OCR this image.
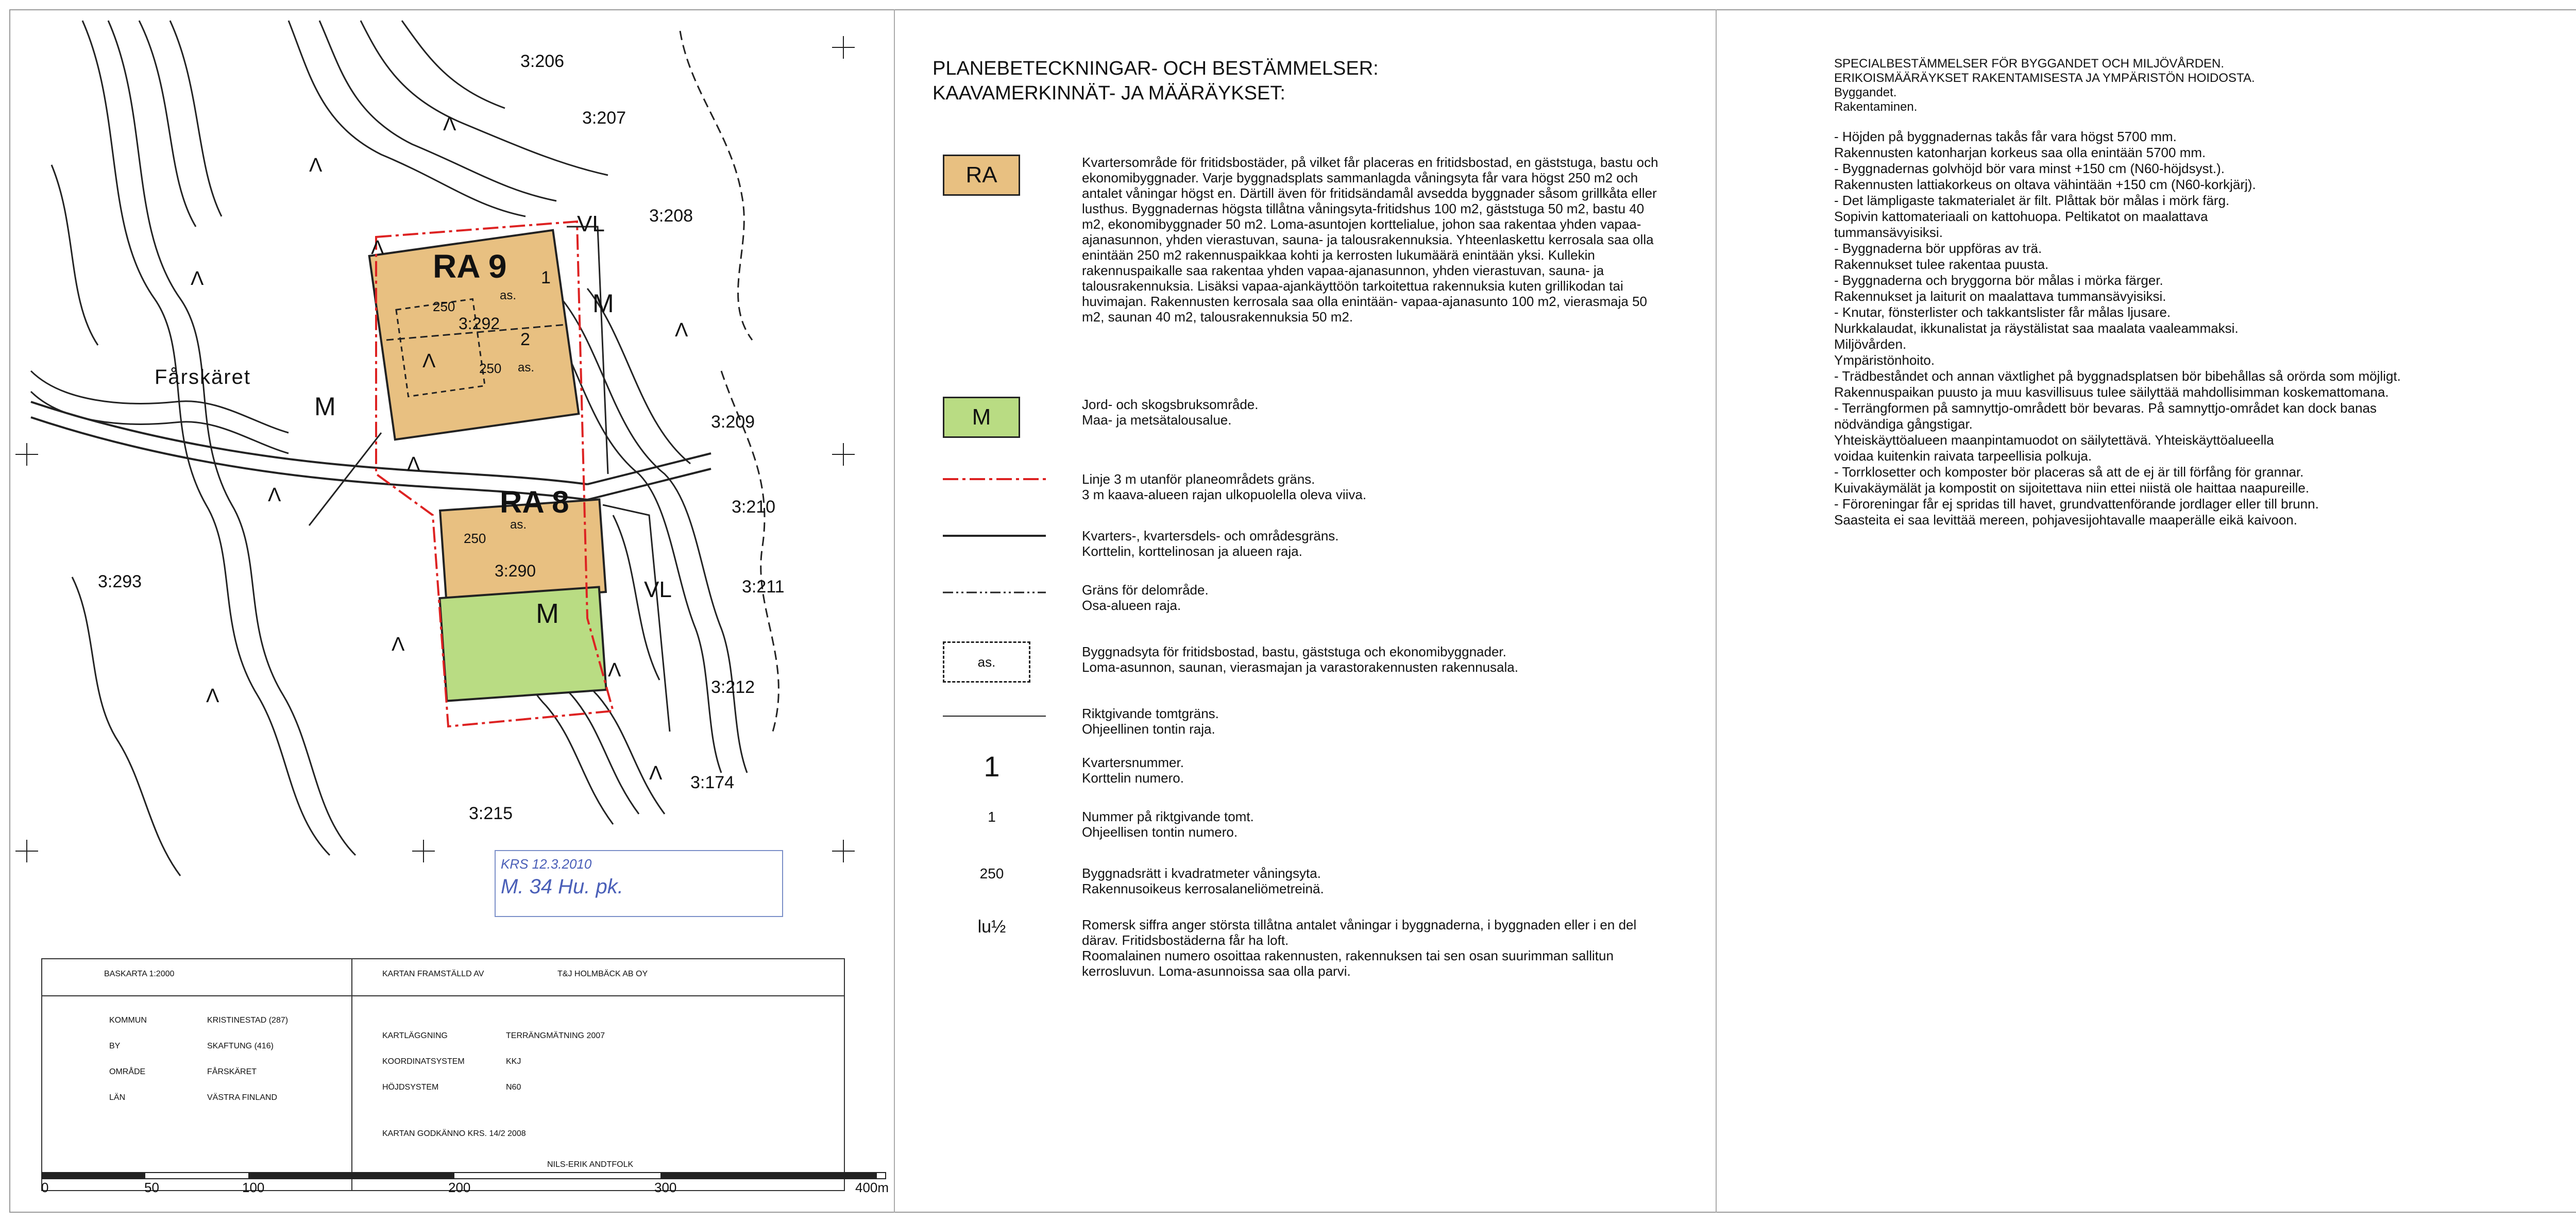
3:206
3:207
3:208
3:209
3:210
3:211
3:212
3:174
3:215
3:293
3:292
3:290
Fårskäret
RA 9
RA 8
as.
as.
as.
250
250
250
2
1
VL
VL
M
M
M
Λ
Λ
Λ
Λ
Λ
Λ
Λ
Λ
Λ
Λ
Λ
Λ
KRS 12.3.2010
M. 34 Hu. pk.
BASKARTA 1:2000	KARTAN FRAMSTÄLLD AV	T&J HOLMBÄCK AB OY
KOMMUN	KRISTINESTAD (287)
BY	SKAFTUNG (416)
OMRÅDE	FÅRSKÄRET
LÄN	VÄSTRA FINLAND
KARTLÄGGNING	TERRÄNGMÄTNING 2007
KOORDINATSYSTEM	KKJ
HÖJDSYSTEM	N60
KARTAN GODKÄNNO KRS. 14/2 2008
NILS-ERIK ANDTFOLK
0	50	100	200	300	400m
PLANEBETECKNINGAR- OCH BESTÄMMELSER:
KAAVAMERKINNÄT- JA MÄÄRÄYKSET:
RA	Kvartersområde för fritidsbostäder, på vilket får placeras en fritidsbostad, en gäststuga, bastu och ekonomibyggnader. Varje byggnadsplats sammanlagda våningsyta får vara högst 250 m2 och antalet våningar högst en. Därtill även för fritidsändamål avsedda byggnader såsom grillkåta eller lusthus. Byggnadernas högsta tillåtna våningsyta-fritidshus 100 m2, gäststuga 50 m2, bastu 40 m2, ekonomibyggnader 50 m2. Loma-asuntojen korttelialue, johon saa rakentaa yhden vapaa-ajanasunnon, yhden vierastuvan, sauna- ja talousrakennuksia. Yhteenlaskettu kerrosala saa olla enintään 250 m2 rakennuspaikkaa kohti ja kerrosten lukumäärä enintään yksi. Kullekin rakennuspaikalle saa rakentaa yhden vapaa-ajanasunnon, yhden vierastuvan, sauna- ja talousrakennuksia. Lisäksi vapaa-ajankäyttöön tarkoitettua rakennuksia kuten grillikodan tai huvimajan. Rakennusten kerrosala saa olla enintään- vapaa-ajanasunto 100 m2, vierasmaja 50 m2, saunan 40 m2, talousrakennuksia 50 m2.
M	Jord- och skogsbruksområde.
Maa- ja metsätalousalue.
Linje 3 m utanför planeområdets gräns.
3 m kaava-alueen rajan ulkopuolella oleva viiva.
Kvarters-, kvartersdels- och områdesgräns.
Korttelin, korttelinosan ja alueen raja.
Gräns för delområde.
Osa-alueen raja.
as.
Byggnadsyta för fritidsbostad, bastu, gäststuga och ekonomibyggnader.
Loma-asunnon, saunan, vierasmajan ja varastorakennusten rakennusala.
Riktgivande tomtgräns.
Ohjeellinen tontin raja.
1	Kvartersnummer.
Korttelin numero.
1	Nummer på riktgivande tomt.
Ohjeellisen tontin numero.
250	Byggnadsrätt i kvadratmeter våningsyta.
Rakennusoikeus kerrosalaneliömetreinä.
lu½	Romersk siffra anger största tillåtna antalet våningar i byggnaderna, i byggnaden eller i en del därav. Fritidsbostäderna får ha loft.
Roomalainen numero osoittaa rakennusten, rakennuksen tai sen osan suurimman sallitun kerrosluvun. Loma-asunnoissa saa olla parvi.
SPECIALBESTÄMMELSER FÖR BYGGANDET OCH MILJÖVÅRDEN.
ERIKOISMÄÄRÄYKSET RAKENTAMISESTA JA YMPÄRISTÖN HOIDOSTA.
Byggandet.
Rakentaminen.
- Höjden på byggnadernas takås får vara högst 5700 mm.
Rakennusten katonharjan korkeus saa olla enintään 5700 mm.
- Byggnadernas golvhöjd bör vara minst +150 cm (N60-höjdsyst.).
Rakennusten lattiakorkeus on oltava vähintään +150 cm (N60-korkjärj).
- Det lämpligaste takmaterialet är filt. Plåttak bör målas i mörk färg.
Sopivin kattomateriaali on kattohuopa. Peltikatot on maalattava
tummansävyisiksi.
- Byggnaderna bör uppföras av trä.
Rakennukset tulee rakentaa puusta.
- Byggnaderna och bryggorna bör målas i mörka färger.
Rakennukset ja laiturit on maalattava tummansävyisiksi.
- Knutar, fönsterlister och takkantslister får målas ljusare.
Nurkkalaudat, ikkunalistat ja räystälistat saa maalata vaaleammaksi.
Miljövården.
Ympäristönhoito.
- Trädbeståndet och annan växtlighet på byggnadsplatsen bör bibehållas så orörda som möjligt.
Rakennuspaikan puusto ja muu kasvillisuus tulee säilyttää mahdollisimman koskemattomana.
- Terrängformen på samnyttjo-områdett bör bevaras. På samnyttjo-området kan dock banas
nödvändiga gångstigar.
Yhteiskäyttöalueen maanpintamuodot on säilytettävä. Yhteiskäyttöalueella
voidaa kuitenkin raivata tarpeellisia polkuja.
- Torrklosetter och komposter bör placeras så att de ej är till förfång för grannar.
Kuivakäymälät ja kompostit on sijoitettava niin ettei niistä ole haittaa naapureille.
- Föroreningar får ej spridas till havet, grundvattenförande jordlager eller till brunn.
Saasteita ei saa levittää mereen, pohjavesijohtavalle maaperälle eikä kaivoon.
